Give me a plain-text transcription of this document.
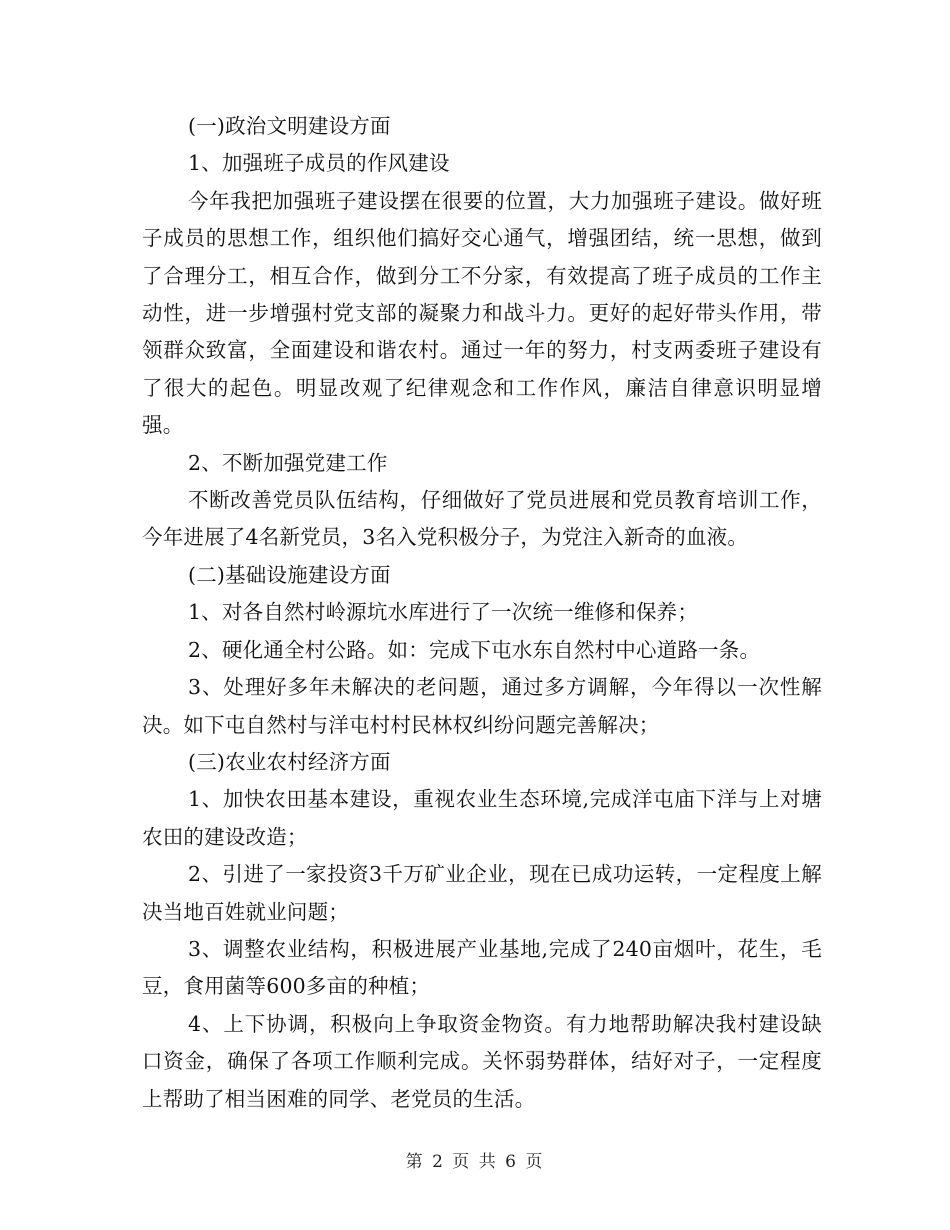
(一)政治文明建设方面

1、加强班子成员的作风建设

今年我把加强班子建设摆在很要的位置，大力加强班子建设。做好班子成员的思想工作，组织他们搞好交心通气，增强团结，统一思想，做到了合理分工，相互合作，做到分工不分家，有效提高了班子成员的工作主动性，进一步增强村党支部的凝聚力和战斗力。更好的起好带头作用，带领群众致富，全面建设和谐农村。通过一年的努力，村支两委班子建设有了很大的起色。明显改观了纪律观念和工作作风，廉洁自律意识明显增强。

2、不断加强党建工作

不断改善党员队伍结构，仔细做好了党员进展和党员教育培训工作，今年进展了4名新党员，3名入党积极分子，为党注入新奇的血液。

(二)基础设施建设方面

1、对各自然村岭源坑水库进行了一次统一维修和保养；

2、硬化通全村公路。如：完成下屯水东自然村中心道路一条。

3、处理好多年未解决的老问题，通过多方调解，今年得以一次性解决。如下屯自然村与洋屯村村民林权纠纷问题完善解决；

(三)农业农村经济方面

1、加快农田基本建设，重视农业生态环境,完成洋屯庙下洋与上对塘农田的建设改造；

2、引进了一家投资3千万矿业企业，现在已成功运转，一定程度上解决当地百姓就业问题；

3、调整农业结构，积极进展产业基地,完成了240亩烟叶，花生，毛豆，食用菌等600多亩的种植；

4、上下协调，积极向上争取资金物资。有力地帮助解决我村建设缺口资金，确保了各项工作顺利完成。关怀弱势群体，结好对子，一定程度上帮助了相当困难的同学、老党员的生活。

第 2 页 共 6 页
